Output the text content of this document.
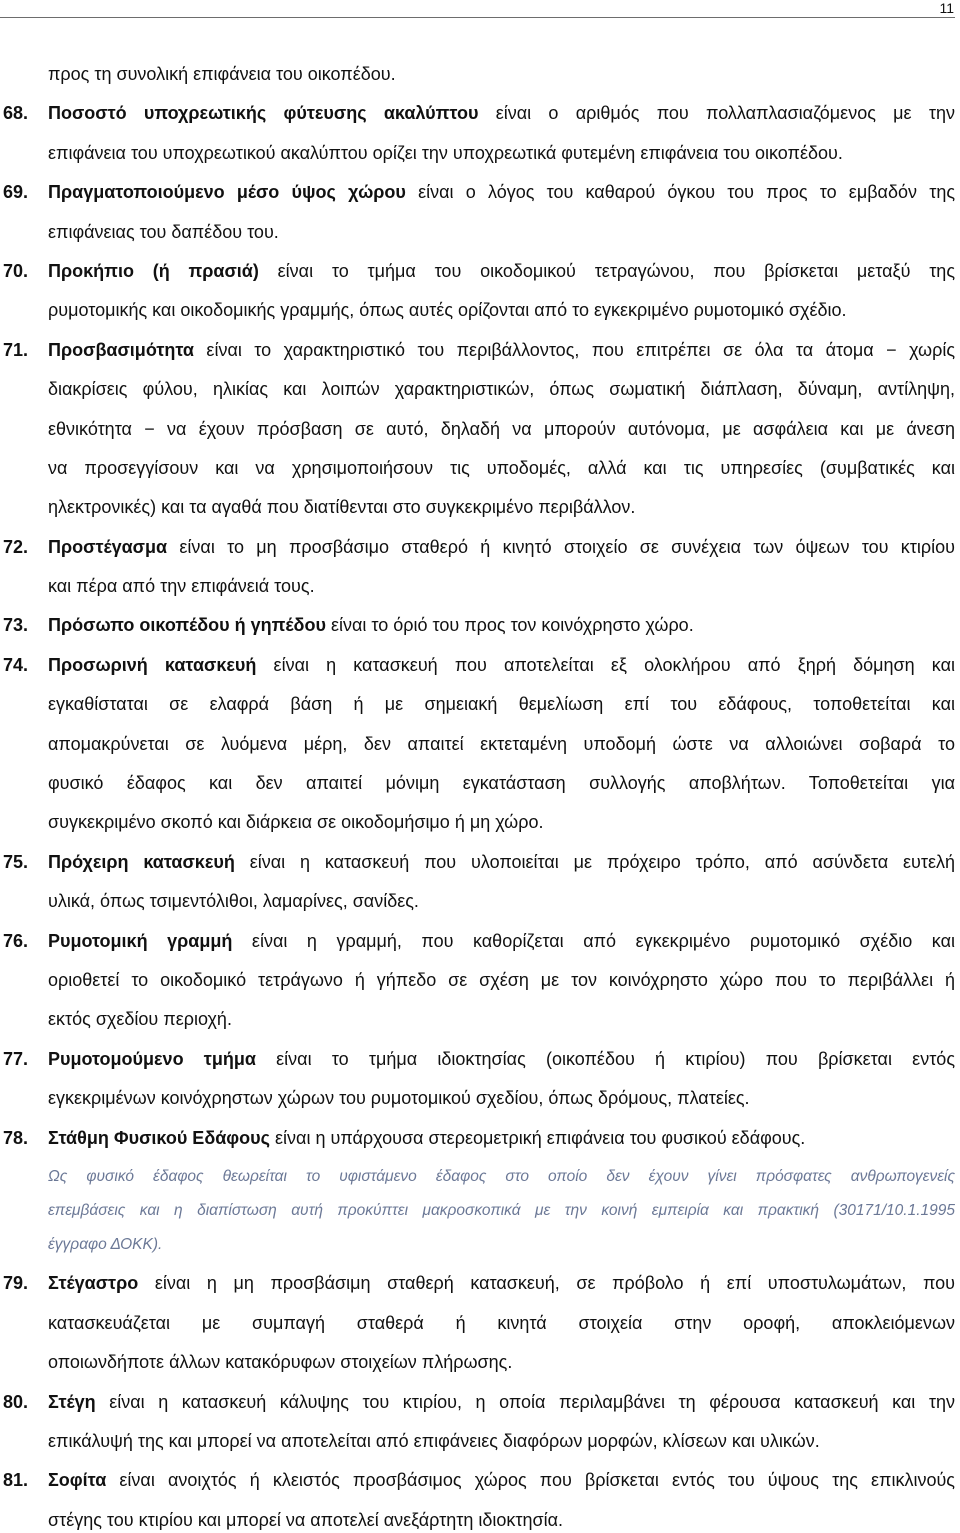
11
προς τη συνολική επιφάνεια του οικοπέδου.
68. Ποσοστό υποχρεωτικής φύτευσης ακαλύπτου είναι ο αριθμός που πολλαπλασιαζόμενος με την
επιφάνεια του υποχρεωτικού ακαλύπτου ορίζει την υποχρεωτικά φυτεμένη επιφάνεια του οικοπέδου.
69. Πραγματοποιούμενο μέσο ύψος χώρου είναι ο λόγος του καθαρού όγκου του προς το εμβαδόν της
επιφάνειας του δαπέδου του.
70. Προκήπιο (ή πρασιά) είναι το τμήμα του οικοδομικού τετραγώνου, που βρίσκεται μεταξύ της
ρυμοτομικής και οικοδομικής γραμμής, όπως αυτές ορίζονται από το εγκεκριμένο ρυμοτομικό σχέδιο.
71. Προσβασιμότητα είναι το χαρακτηριστικό του περιβάλλοντος, που επιτρέπει σε όλα τα άτομα − χωρίς
διακρίσεις φύλου, ηλικίας και λοιπών χαρακτηριστικών, όπως σωματική διάπλαση, δύναμη, αντίληψη,
εθνικότητα − να έχουν πρόσβαση σε αυτό, δηλαδή να μπορούν αυτόνομα, με ασφάλεια και με άνεση
να προσεγγίσουν και να χρησιμοποιήσουν τις υποδομές, αλλά και τις υπηρεσίες (συμβατικές και
ηλεκτρονικές) και τα αγαθά που διατίθενται στο συγκεκριμένο περιβάλλον.
72. Προστέγασμα είναι το μη προσβάσιμο σταθερό ή κινητό στοιχείο σε συνέχεια των όψεων του κτιρίου
και πέρα από την επιφάνειά τους.
73. Πρόσωπο οικοπέδου ή γηπέδου είναι το όριό του προς τον κοινόχρηστο χώρο.
74. Προσωρινή κατασκευή είναι η κατασκευή που αποτελείται εξ ολοκλήρου από ξηρή δόμηση και
εγκαθίσταται σε ελαφρά βάση ή με σημειακή θεμελίωση επί του εδάφους, τοποθετείται και
απομακρύνεται σε λυόμενα μέρη, δεν απαιτεί εκτεταμένη υποδομή ώστε να αλλοιώνει σοβαρά το
φυσικό έδαφος και δεν απαιτεί μόνιμη εγκατάσταση συλλογής αποβλήτων. Τοποθετείται για
συγκεκριμένο σκοπό και διάρκεια σε οικοδομήσιμο ή μη χώρο.
75. Πρόχειρη κατασκευή είναι η κατασκευή που υλοποιείται με πρόχειρο τρόπο, από ασύνδετα ευτελή
υλικά, όπως τσιμεντόλιθοι, λαμαρίνες, σανίδες.
76. Ρυμοτομική γραμμή είναι η γραμμή, που καθορίζεται από εγκεκριμένο ρυμοτομικό σχέδιο και
οριοθετεί το οικοδομικό τετράγωνο ή γήπεδο σε σχέση με τον κοινόχρηστο χώρο που το περιβάλλει ή
εκτός σχεδίου περιοχή.
77. Ρυμοτομούμενο τμήμα είναι το τμήμα ιδιοκτησίας (οικοπέδου ή κτιρίου) που βρίσκεται εντός
εγκεκριμένων κοινόχρηστων χώρων του ρυμοτομικού σχεδίου, όπως δρόμους, πλατείες.
78. Στάθμη Φυσικού Εδάφους είναι η υπάρχουσα στερεομετρική επιφάνεια του φυσικού εδάφους.
Ως φυσικό έδαφος θεωρείται το υφιστάμενο έδαφος στο οποίο δεν έχουν γίνει πρόσφατες ανθρωπογενείς
επεμβάσεις και η διαπίστωση αυτή προκύπτει μακροσκοπικά με την κοινή εμπειρία και πρακτική (30171/10.1.1995
έγγραφο ΔΟΚΚ).
79. Στέγαστρο είναι η μη προσβάσιμη σταθερή κατασκευή, σε πρόβολο ή επί υποστυλωμάτων, που
κατασκευάζεται με συμπαγή σταθερά ή κινητά στοιχεία στην οροφή, αποκλειόμενων
οποιωνδήποτε άλλων κατακόρυφων στοιχείων πλήρωσης.
80. Στέγη είναι η κατασκευή κάλυψης του κτιρίου, η οποία περιλαμβάνει τη φέρουσα κατασκευή και την
επικάλυψή της και μπορεί να αποτελείται από επιφάνειες διαφόρων μορφών, κλίσεων και υλικών.
81. Σοφίτα είναι ανοιχτός ή κλειστός προσβάσιμος χώρος που βρίσκεται εντός του ύψους της επικλινούς
στέγης του κτιρίου και μπορεί να αποτελεί ανεξάρτητη ιδιοκτησία.
